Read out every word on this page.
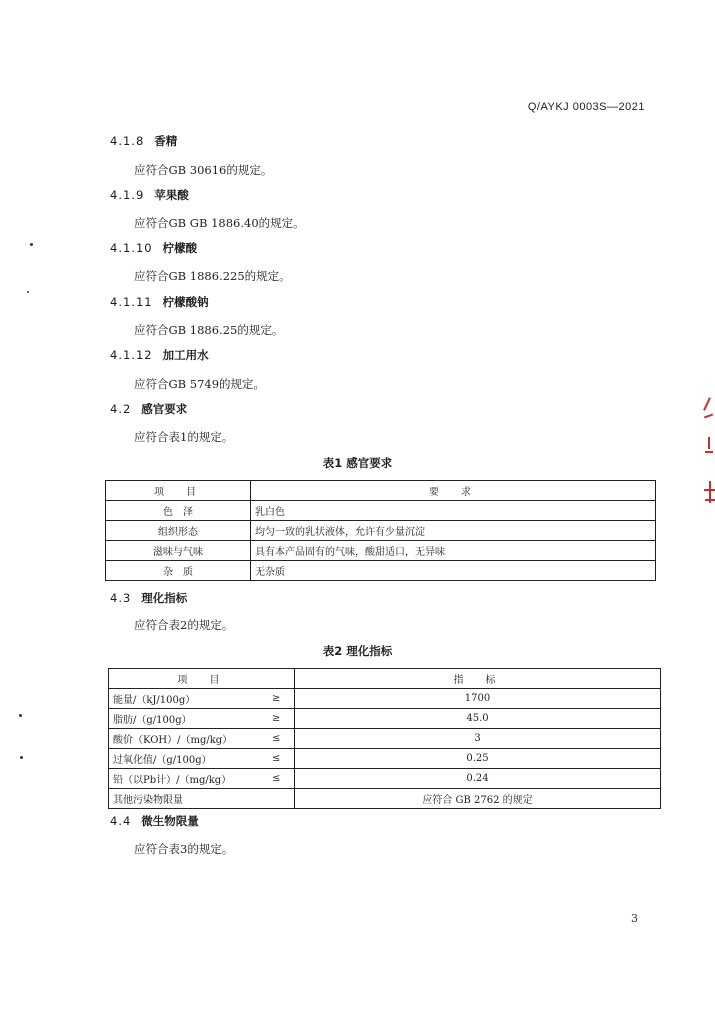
Q/AYKJ 0003S—2021
4.1.8 香精
应符合GB 30616的规定。
4.1.9 苹果酸
应符合GB GB 1886.40的规定。
4.1.10 柠檬酸
应符合GB 1886.225的规定。
4.1.11 柠檬酸钠
应符合GB 1886.25的规定。
4.1.12 加工用水
应符合GB 5749的规定。
4.2 感官要求
应符合表1的规定。
表1 感官要求
项　目	要　求
色　泽	乳白色
组织形态	均匀一致的乳状液体，允许有少量沉淀
滋味与气味	具有本产品固有的气味，酸甜适口，无异味
杂　质	无杂质
4.3 理化指标
应符合表2的规定。
表2 理化指标
项　目		指　标
能量/（kJ/100g）	≥	1700
脂肪/（g/100g）	≥	45.0
酸价（KOH）/（mg/kg）	≤	3
过氧化值/（g/100g）	≤	0.25
铅（以Pb计）/（mg/kg）	≤	0.24
其他污染物限量		应符合 GB 2762 的规定
4.4 微生物限量
应符合表3的规定。
3
